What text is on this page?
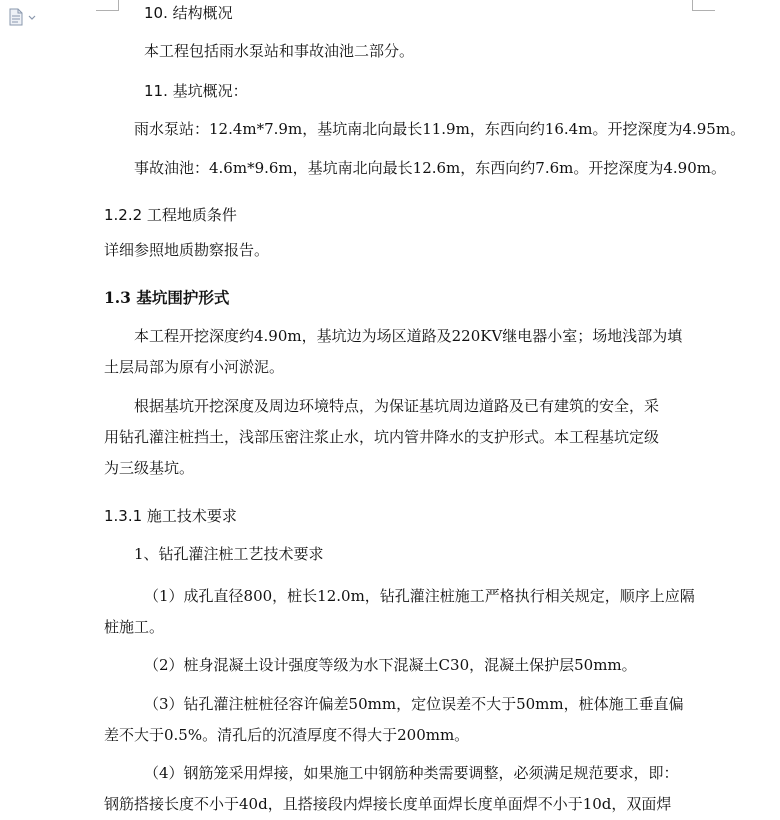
10. 结构概况
本工程包括雨水泵站和事故油池二部分。
11. 基坑概况：
雨水泵站：12.4m*7.9m，基坑南北向最长11.9m，东西向约16.4m。开挖深度为4.95m。
事故油池：4.6m*9.6m，基坑南北向最长12.6m，东西向约7.6m。开挖深度为4.90m。
1.2.2 工程地质条件
详细参照地质勘察报告。
1.3 基坑围护形式
本工程开挖深度约4.90m，基坑边为场区道路及220KV继电器小室；场地浅部为填
土层局部为原有小河淤泥。
根据基坑开挖深度及周边环境特点，为保证基坑周边道路及已有建筑的安全，采
用钻孔灌注桩挡土，浅部压密注浆止水，坑内管井降水的支护形式。本工程基坑定级
为三级基坑。
1.3.1 施工技术要求
1、钻孔灌注桩工艺技术要求
（1）成孔直径800，桩长12.0m，钻孔灌注桩施工严格执行相关规定，顺序上应隔
桩施工。
（2）桩身混凝土设计强度等级为水下混凝土C30，混凝土保护层50mm。
（3）钻孔灌注桩桩径容许偏差50mm，定位误差不大于50mm，桩体施工垂直偏
差不大于0.5%。清孔后的沉渣厚度不得大于200mm。
（4）钢筋笼采用焊接，如果施工中钢筋种类需要调整，必须满足规范要求，即：
钢筋搭接长度不小于40d，且搭接段内焊接长度单面焊长度单面焊不小于10d，双面焊
